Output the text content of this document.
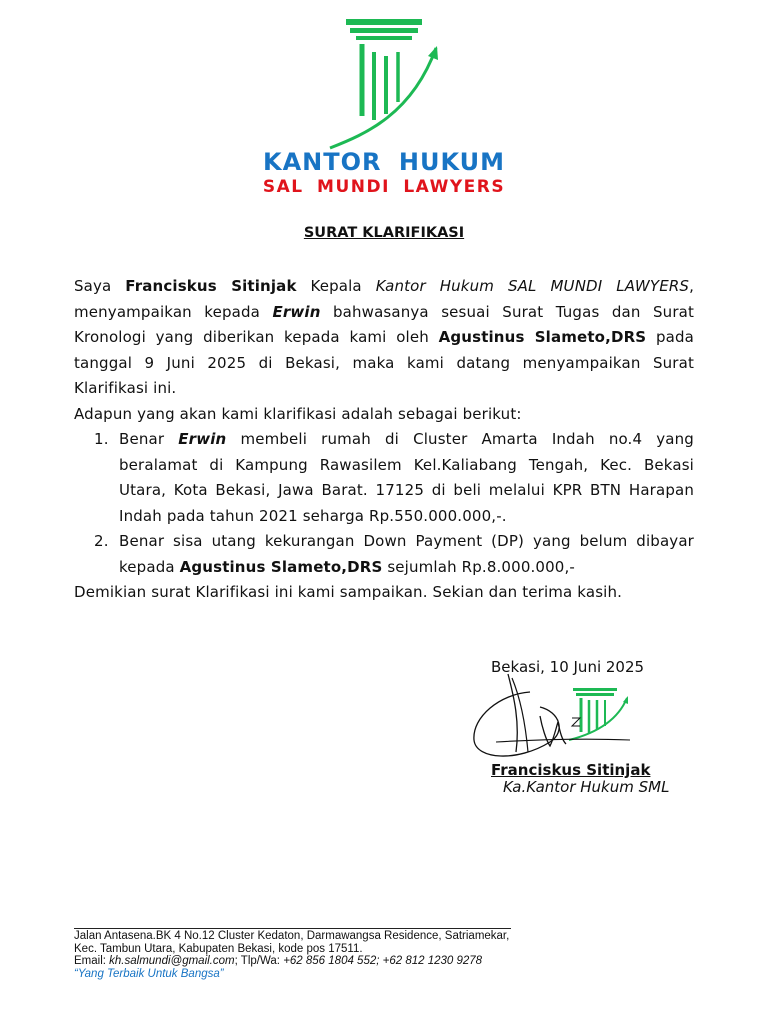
KANTOR HUKUM
SAL MUNDI LAWYERS
SURAT KLARIFIKASI
Saya Franciskus Sitinjak Kepala Kantor Hukum SAL MUNDI LAWYERS, menyampaikan kepada Erwin bahwasanya sesuai Surat Tugas dan Surat Kronologi yang diberikan kepada kami oleh Agustinus Slameto,DRS pada tanggal 9 Juni 2025 di Bekasi, maka kami datang menyampaikan Surat Klarifikasi ini.
Adapun yang akan kami klarifikasi adalah sebagai berikut:
1. Benar Erwin membeli rumah di Cluster Amarta Indah no.4 yang beralamat di Kampung Rawasilem Kel.Kaliabang Tengah, Kec. Bekasi Utara, Kota Bekasi, Jawa Barat. 17125 di beli melalui KPR BTN Harapan Indah pada tahun 2021 seharga Rp.550.000.000,-.
2. Benar sisa utang kekurangan Down Payment (DP) yang belum dibayar kepada Agustinus Slameto,DRS sejumlah Rp.8.000.000,-
Demikian surat Klarifikasi ini kami sampaikan. Sekian dan terima kasih.
Bekasi, 10 Juni 2025
Franciskus Sitinjak
Ka.Kantor Hukum SML
Jalan Antasena.BK 4 No.12 Cluster Kedaton, Darmawangsa Residence, Satriamekar,
Kec. Tambun Utara, Kabupaten Bekasi, kode pos 17511.
Email: kh.salmundi@gmail.com; Tlp/Wa: +62 856 1804 552; +62 812 1230 9278
“Yang Terbaik Untuk Bangsa”
